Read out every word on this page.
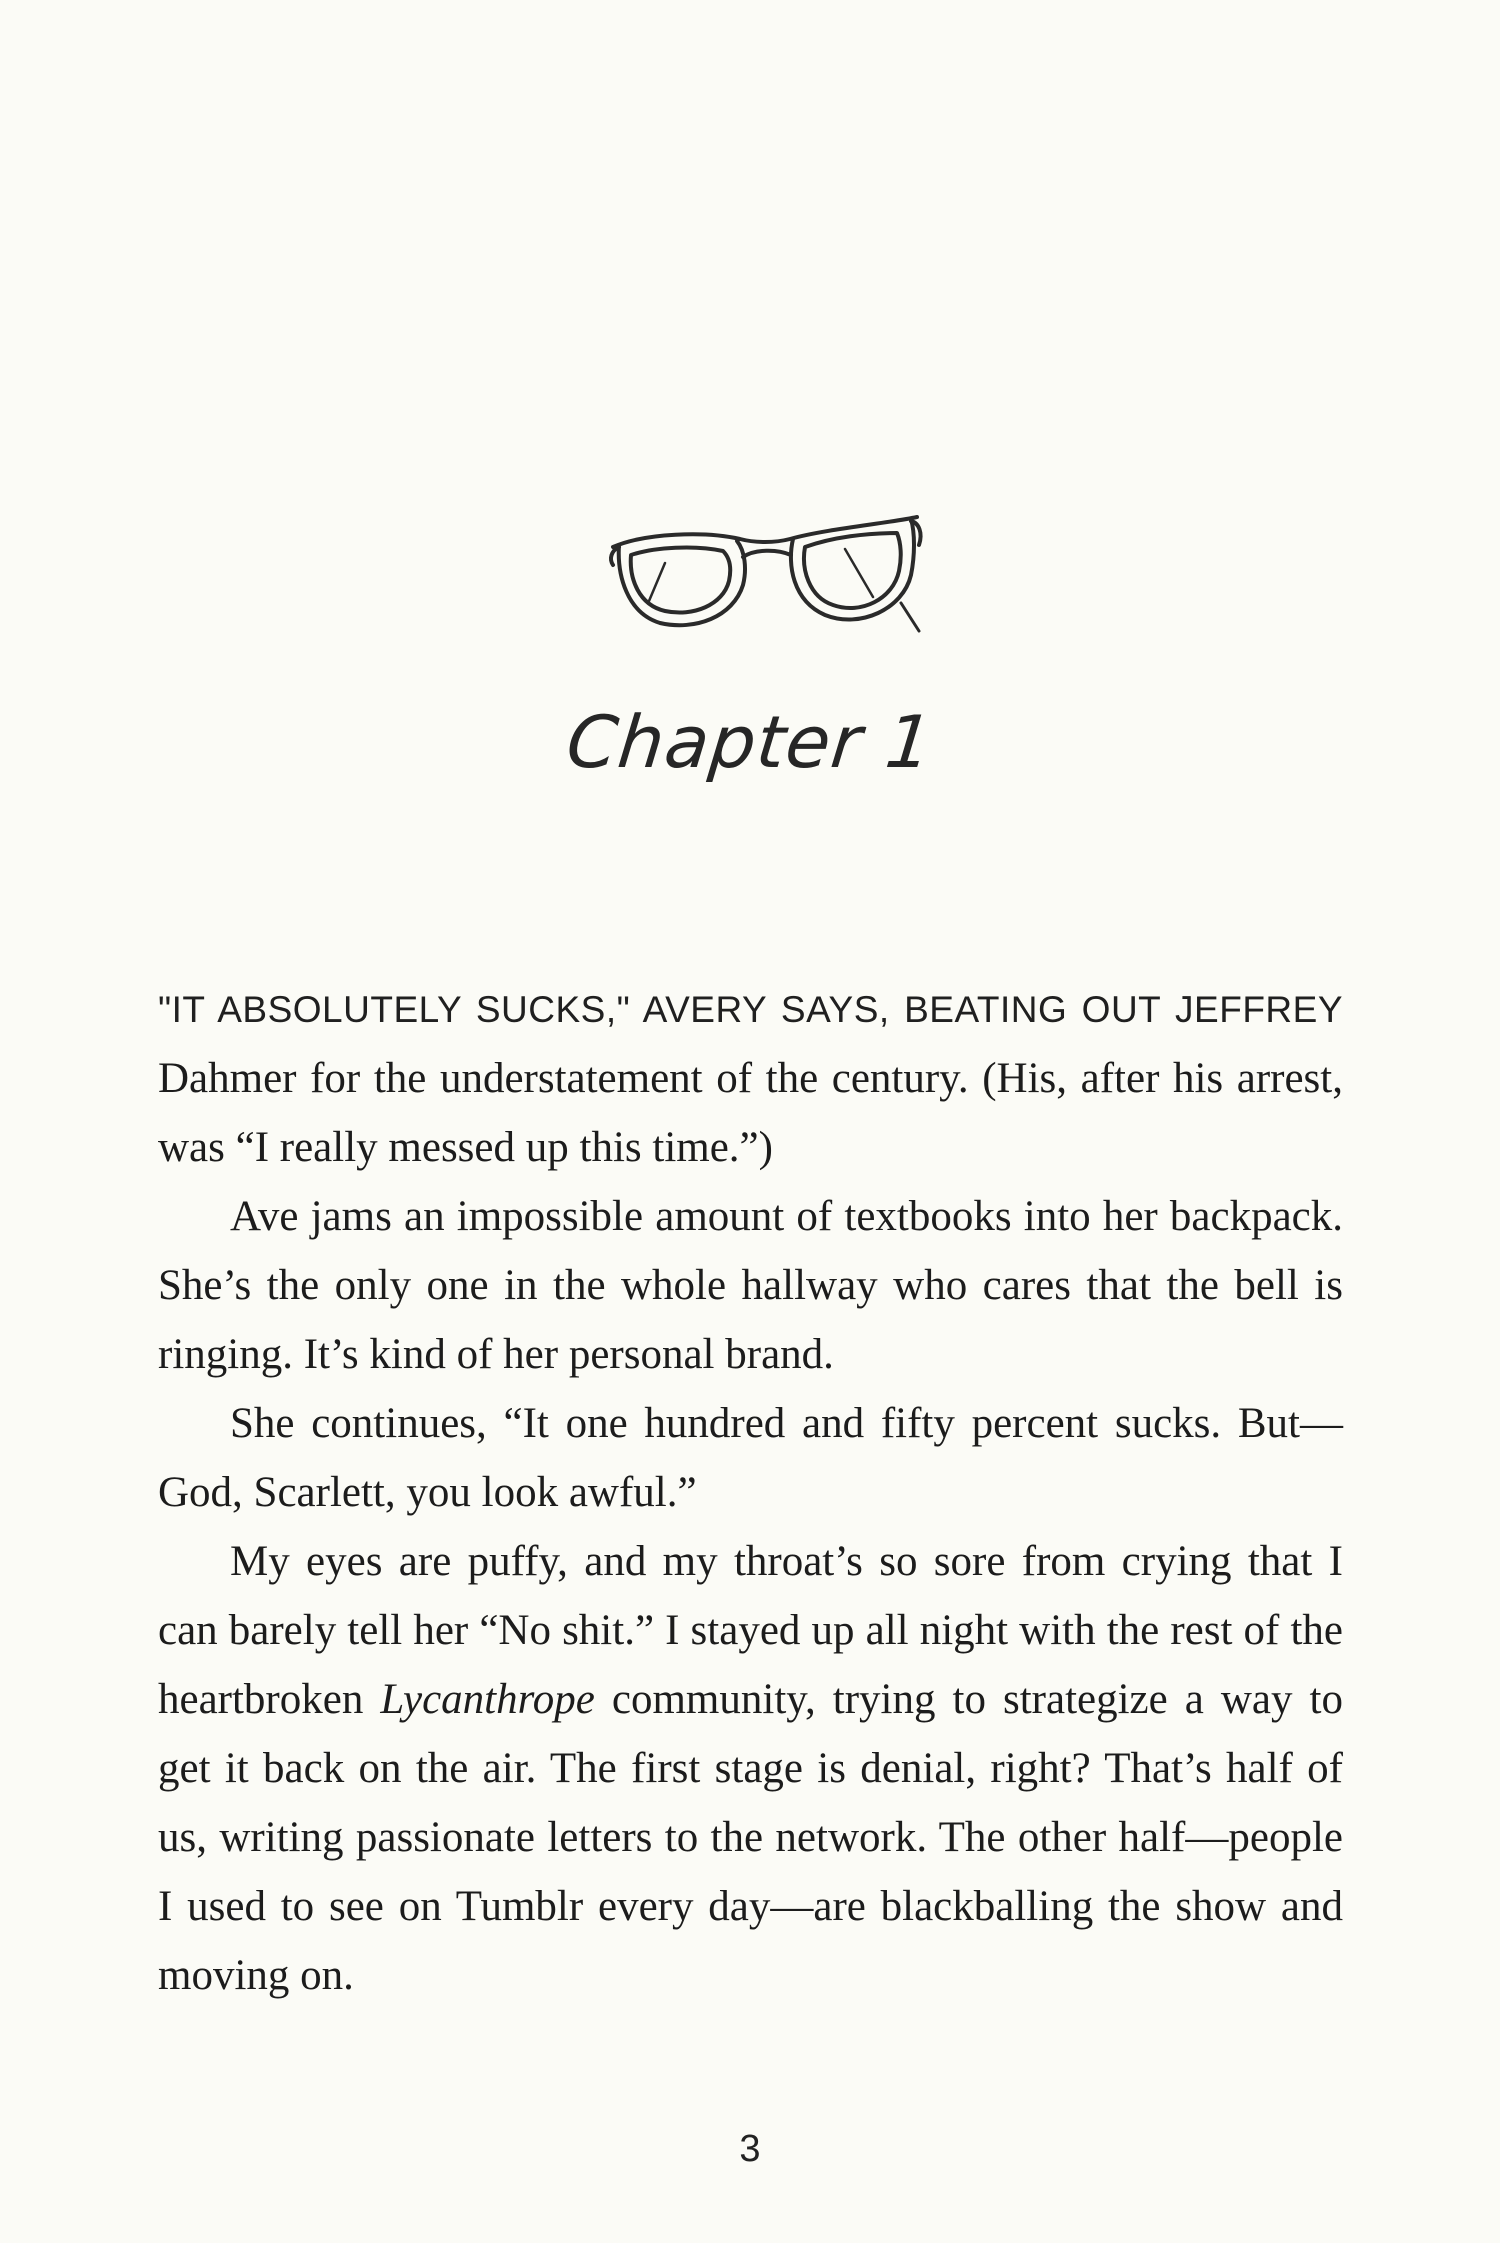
Chapter 1

"IT ABSOLUTELY SUCKS," AVERY SAYS, BEATING OUT JEFFREY
Dahmer for the understatement of the century. (His, after his arrest, was “I really messed up this time.”)

Ave jams an impossible amount of textbooks into her backpack. She’s the only one in the whole hallway who cares that the bell is ringing. It’s kind of her personal brand.

She continues, “It one hundred and fifty percent sucks. But—God, Scarlett, you look awful.”

My eyes are puffy, and my throat’s so sore from crying that I can barely tell her “No shit.” I stayed up all night with the rest of the heartbroken Lycanthrope community, trying to strategize a way to get it back on the air. The first stage is denial, right? That’s half of us, writing passionate letters to the network. The other half—people I used to see on Tumblr every day—are blackballing the show and moving on.

3
